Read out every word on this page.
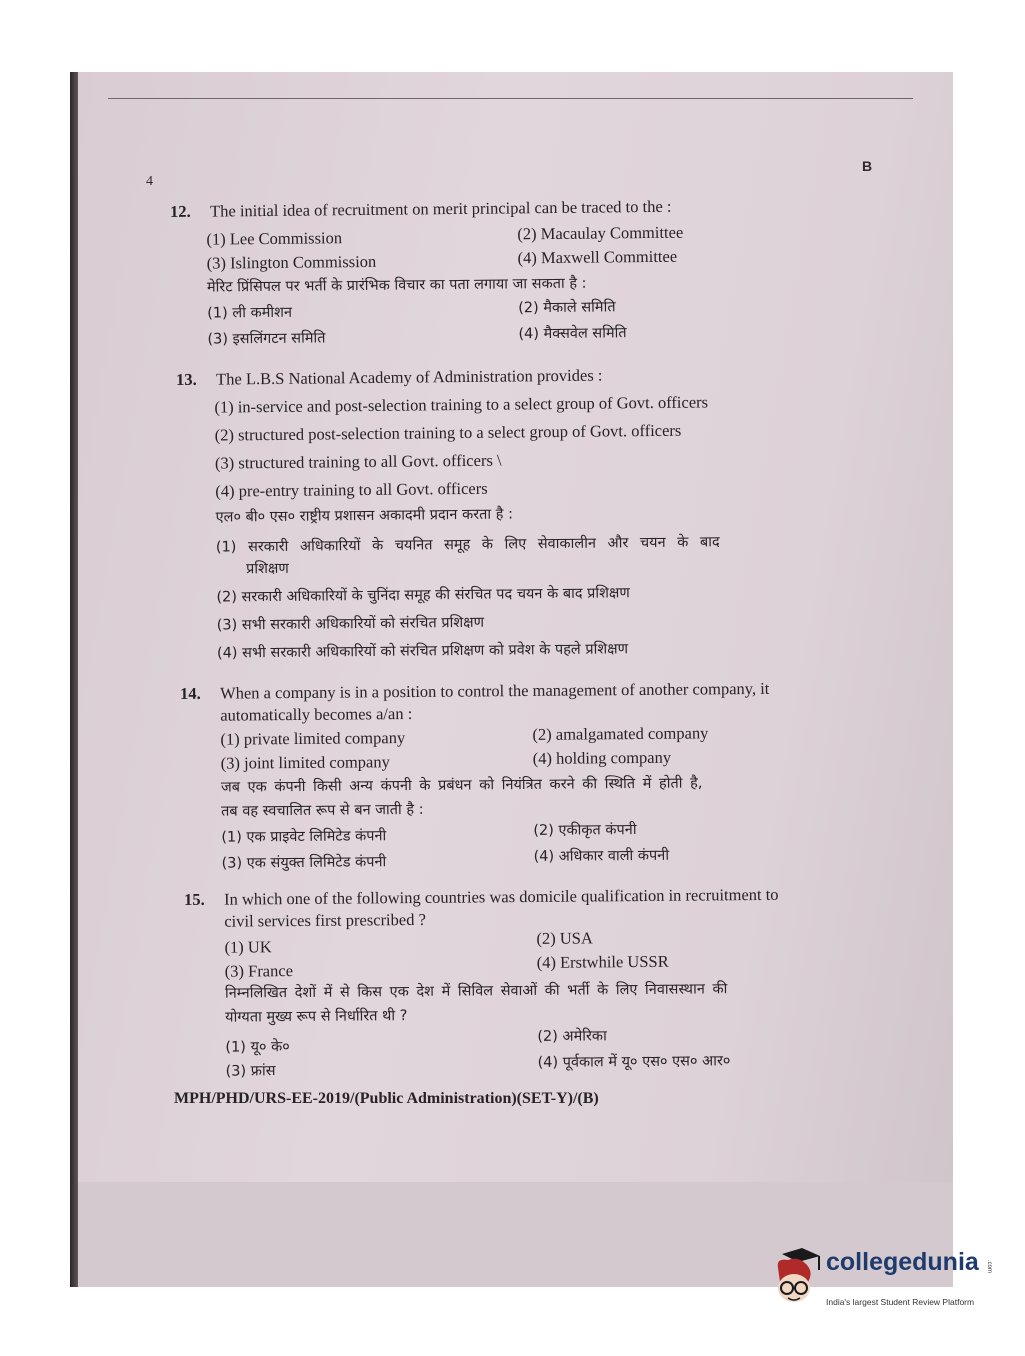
4
B
12. The initial idea of recruitment on merit principal can be traced to the :
(1) Lee Commission	(2) Macaulay Committee
(3) Islington Commission	(4) Maxwell Committee
मेरिट प्रिंसिपल पर भर्ती के प्रारंभिक विचार का पता लगाया जा सकता है :
(1) ली कमीशन	(2) मैकाले समिति
(3) इसलिंगटन समिति	(4) मैक्सवेल समिति
13. The L.B.S National Academy of Administration provides :
(1) in-service and post-selection training to a select group of Govt. officers
(2) structured post-selection training to a select group of Govt. officers
(3) structured training to all Govt. officers \
(4) pre-entry training to all Govt. officers
एल० बी० एस० राष्ट्रीय प्रशासन अकादमी प्रदान करता है :
(1) सरकारी अधिकारियों के चयनित समूह के लिए सेवाकालीन और चयन के बाद
प्रशिक्षण
(2) सरकारी अधिकारियों के चुनिंदा समूह की संरचित पद चयन के बाद प्रशिक्षण
(3) सभी सरकारी अधिकारियों को संरचित प्रशिक्षण
(4) सभी सरकारी अधिकारियों को संरचित प्रशिक्षण को प्रवेश के पहले प्रशिक्षण
14. When a company is in a position to control the management of another company, it
automatically becomes a/an :
(1) private limited company	(2) amalgamated company
(3) joint limited company	(4) holding company
जब एक कंपनी किसी अन्य कंपनी के प्रबंधन को नियंत्रित करने की स्थिति में होती है,
तब वह स्वचालित रूप से बन जाती है :
(1) एक प्राइवेट लिमिटेड कंपनी	(2) एकीकृत कंपनी
(3) एक संयुक्त लिमिटेड कंपनी	(4) अधिकार वाली कंपनी
15. In which one of the following countries was domicile qualification in recruitment to
civil services first prescribed ?
(1) UK	(2) USA
(3) France	(4) Erstwhile USSR
निम्नलिखित देशों में से किस एक देश में सिविल सेवाओं की भर्ती के लिए निवासस्थान की
योग्यता मुख्य रूप से निर्धारित थी ?
(1) यू० के०
(2) अमेरिका
(3) फ्रांस
(4) पूर्वकाल में यू० एस० एस० आर०
MPH/PHD/URS-EE-2019/(Public Administration)(SET-Y)/(B)
collegedunia .com
India's largest Student Review Platform
